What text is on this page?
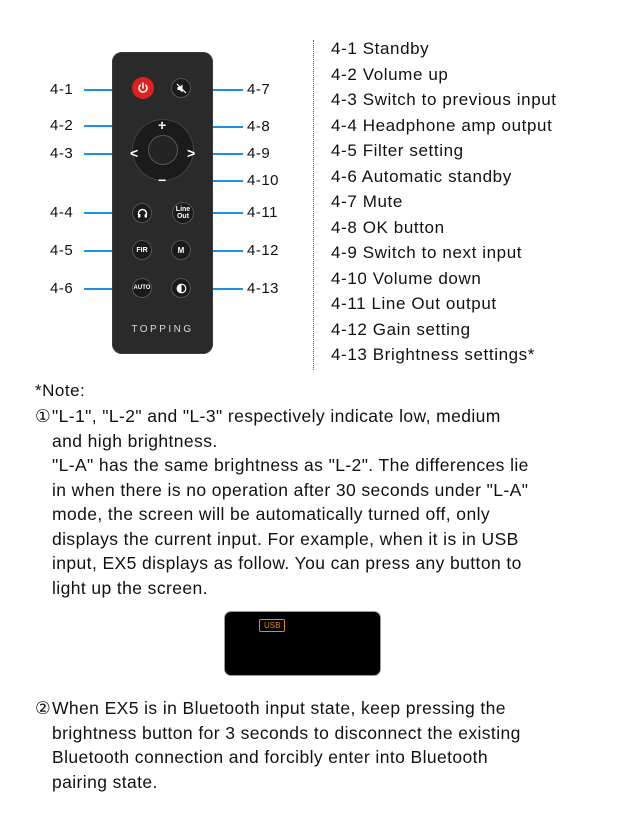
4-1
4-2
4-3
4-4
4-5
4-6
4-7
4-8
4-9
4-10
4-11
4-12
4-13
+
−
<	>
Line
Out
FIR	M
AUTO
TOPPING
4-1 Standby
4-2 Volume up
4-3 Switch to previous input
4-4 Headphone amp output
4-5 Filter setting
4-6 Automatic standby
4-7 Mute
4-8 OK button
4-9 Switch to next input
4-10 Volume down
4-11 Line Out output
4-12 Gain setting
4-13 Brightness settings*
*Note:
①"L-1", "L-2" and "L-3" respectively indicate low, medium
and high brightness.
"L-A" has the same brightness as "L-2". The differences lie
in when there is no operation after 30 seconds under "L-A"
mode, the screen will be automatically turned off, only
displays the current input. For example, when it is in USB
input, EX5 displays as follow. You can press any button to
light up the screen.
USB
②When EX5 is in Bluetooth input state, keep pressing the
brightness button for 3 seconds to disconnect the existing
Bluetooth connection and forcibly enter into Bluetooth
pairing state.
